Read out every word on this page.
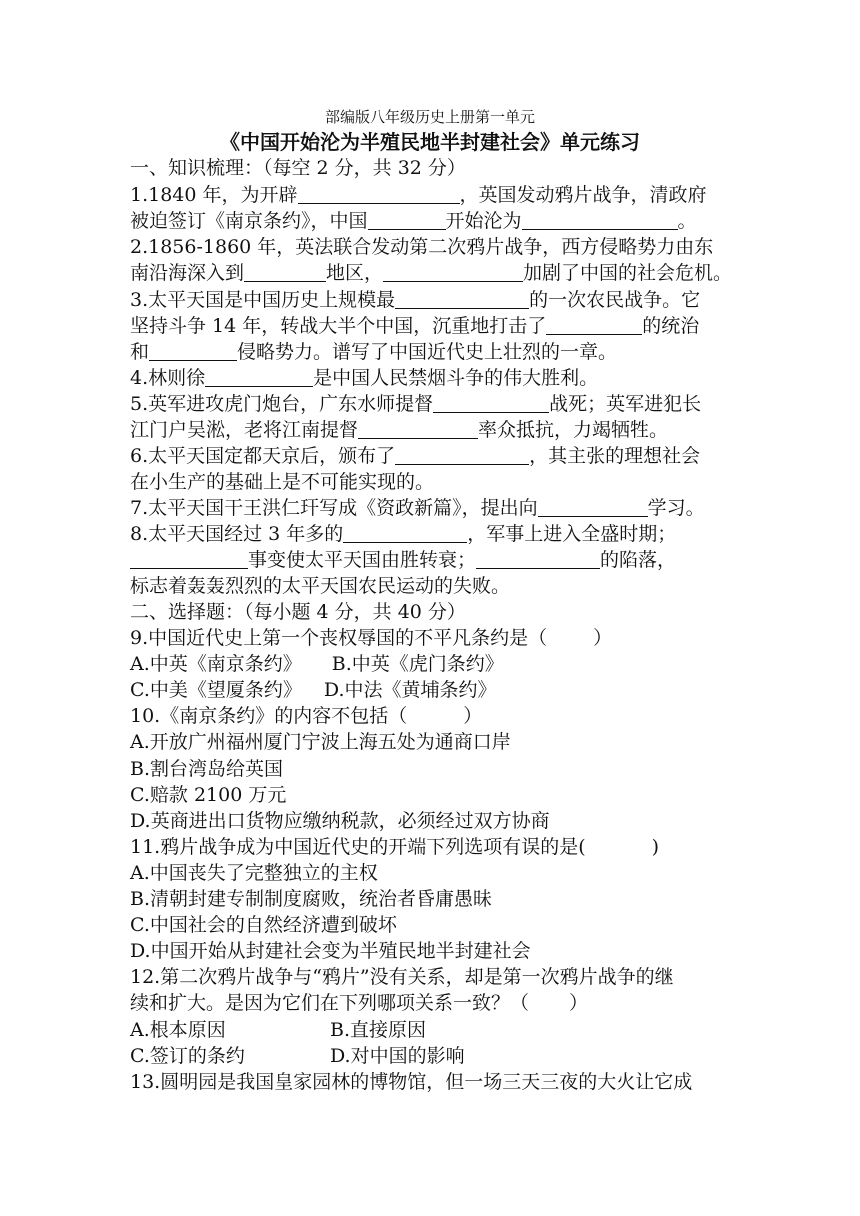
部编版八年级历史上册第一单元
《中国开始沦为半殖民地半封建社会》单元练习
一、知识梳理：（每空 2 分，共 32 分）
1.1840 年，为开辟	，英国发动鸦片战争，清政府
被迫签订《南京条约》，中国	开始沦为	。
2.1856-1860 年，英法联合发动第二次鸦片战争，西方侵略势力由东
南沿海深入到	地区，	加剧了中国的社会危机。
3.太平天国是中国历史上规模最	的一次农民战争。它
坚持斗争 14 年，转战大半个中国，沉重地打击了	的统治
和	侵略势力。谱写了中国近代史上壮烈的一章。
4.林则徐	是中国人民禁烟斗争的伟大胜利。
5.英军进攻虎门炮台，广东水师提督	战死；英军进犯长
江门户吴淞，老将江南提督	率众抵抗，力竭牺牲。
6.太平天国定都天京后，颁布了	，其主张的理想社会
在小生产的基础上是不可能实现的。
7.太平天国干王洪仁玕写成《资政新篇》，提出向	学习。
8.太平天国经过 3 年多的	，军事上进入全盛时期；
事变使太平天国由胜转衰；	的陷落，
标志着轰轰烈烈的太平天国农民运动的失败。
二、选择题：（每小题 4 分，共 40 分）
9.中国近代史上第一个丧权辱国的不平凡条约是（ ）
A.中英《南京条约》 B.中英《虎门条约》
C.中美《望厦条约》 D.中法《黄埔条约》
10.《南京条约》的内容不包括（	）
A.开放广州福州厦门宁波上海五处为通商口岸
B.割台湾岛给英国
C.赔款 2100 万元
D.英商进出口货物应缴纳税款，必须经过双方协商
11.鸦片战争成为中国近代史的开端下列选项有误的是(	)
A.中国丧失了完整独立的主权
B.清朝封建专制制度腐败，统治者昏庸愚昧
C.中国社会的自然经济遭到破坏
D.中国开始从封建社会变为半殖民地半封建社会
12.第二次鸦片战争与“鸦片”没有关系，却是第一次鸦片战争的继
续和扩大。是因为它们在下列哪项关系一致？（ ）
A.根本原因	B.直接原因
C.签订的条约	D.对中国的影响
13.圆明园是我国皇家园林的博物馆，但一场三天三夜的大火让它成
